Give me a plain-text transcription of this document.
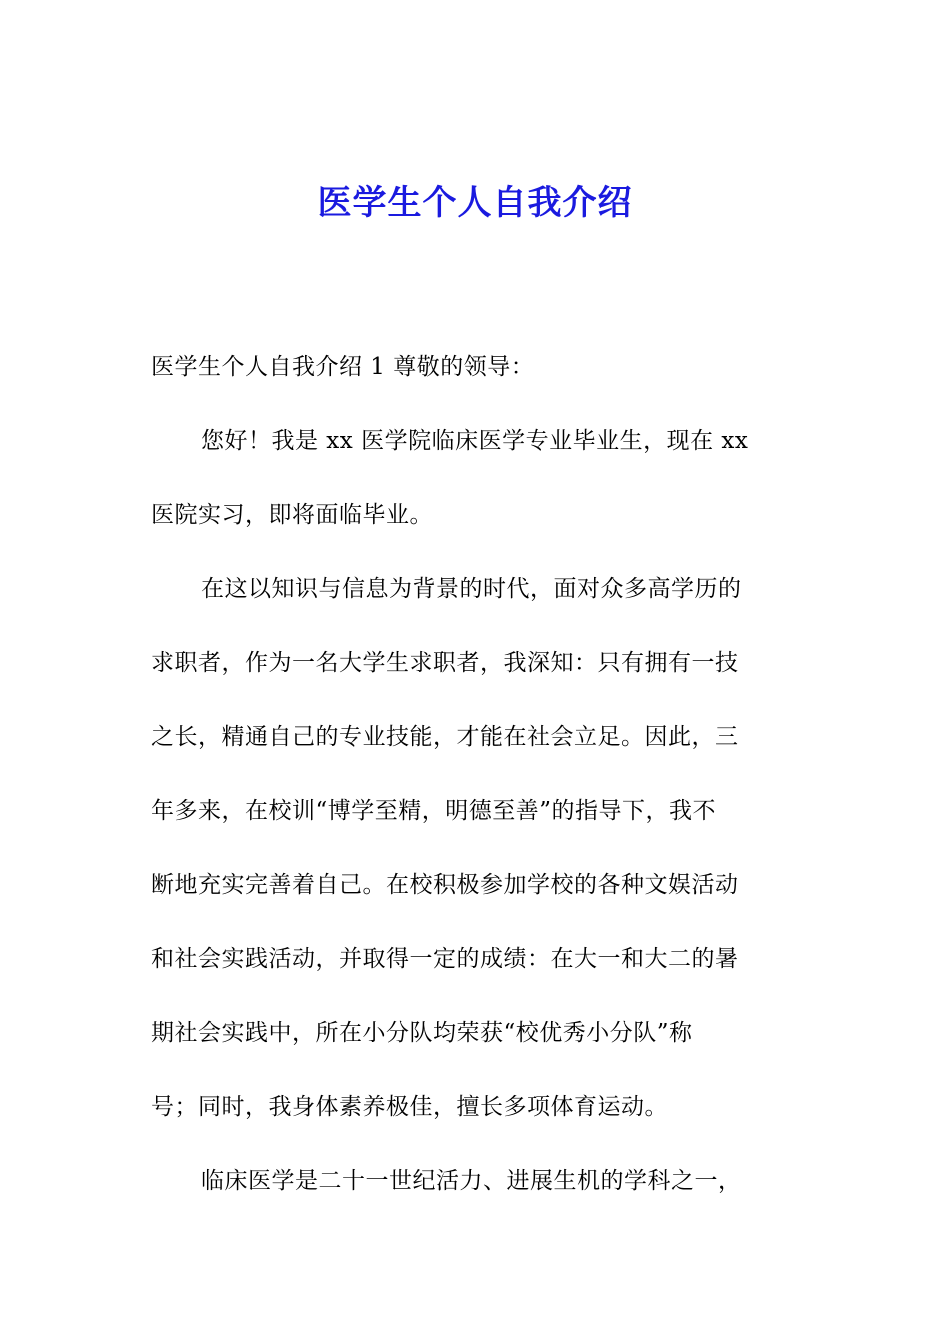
医学生个人自我介绍
医学生个人自我介绍 1 尊敬的领导：
您好！我是 xx 医学院临床医学专业毕业生，现在 xx
医院实习，即将面临毕业。
在这以知识与信息为背景的时代，面对众多高学历的
求职者，作为一名大学生求职者，我深知：只有拥有一技
之长，精通自己的专业技能，才能在社会立足。因此，三
年多来，在校训“博学至精，明德至善”的指导下，我不
断地充实完善着自己。在校积极参加学校的各种文娱活动
和社会实践活动，并取得一定的成绩：在大一和大二的暑
期社会实践中，所在小分队均荣获“校优秀小分队”称
号；同时，我身体素养极佳，擅长多项体育运动。
临床医学是二十一世纪活力、进展生机的学科之一，
